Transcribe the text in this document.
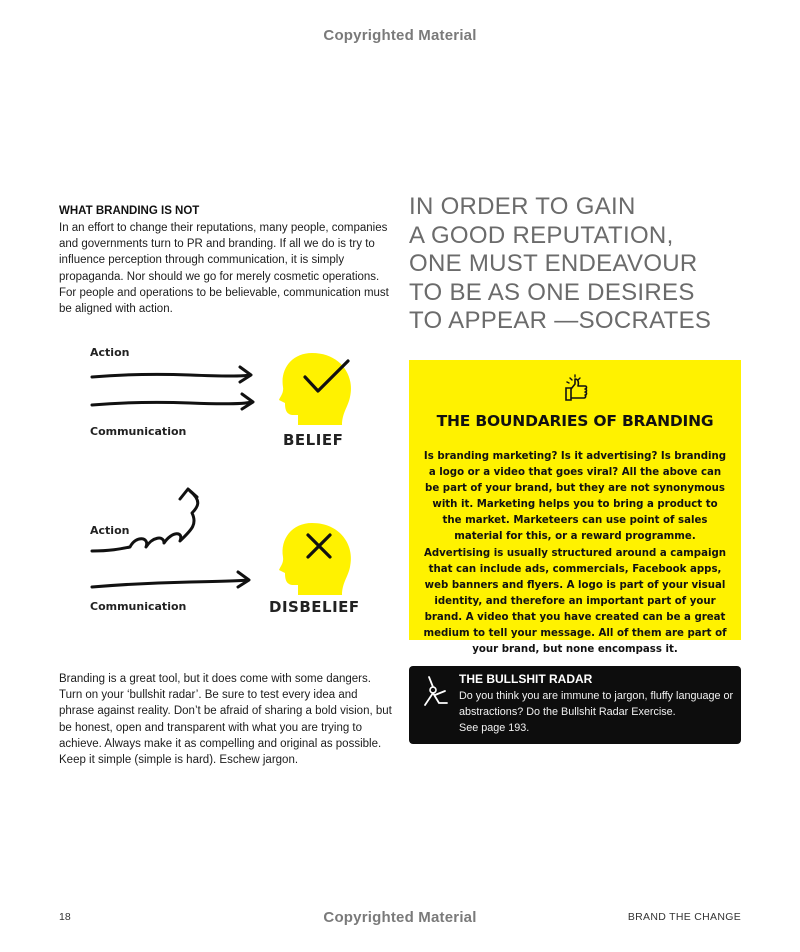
Copyrighted Material
WHAT BRANDING IS NOT
In an effort to change their reputations, many people, companies and governments turn to PR and branding. If all we do is try to influence perception through communication, it is simply propaganda. Nor should we go for merely cosmetic operations. For people and operations to be believable, communication must be aligned with action.
IN ORDER TO GAIN
A GOOD REPUTATION,
ONE MUST ENDEAVOUR
TO BE AS ONE DESIRES
TO APPEAR —SOCRATES
Action
Communication	BELIEF
Action
Communication	DISBELIEF
THE BOUNDARIES OF BRANDING
Is branding marketing? Is it advertising? Is branding a logo or a video that goes viral? All the above can be part of your brand, but they are not synonymous with it. Marketing helps you to bring a product to the market. Marketeers can use point of sales material for this, or a reward programme. Advertising is usually structured around a campaign that can include ads, commercials, Facebook apps, web banners and flyers. A logo is part of your visual identity, and therefore an important part of your brand. A video that you have created can be a great medium to tell your message. All of them are part of your brand, but none encompass it.
Branding is a great tool, but it does come with some dangers. Turn on your ‘bullshit radar’. Be sure to test every idea and phrase against reality. Don’t be afraid of sharing a bold vision, but be honest, open and transparent with what you are trying to achieve. Always make it as compelling and original as possible. Keep it simple (simple is hard). Eschew jargon.
THE BULLSHIT RADAR
Do you think you are immune to jargon, fluffy language or abstractions? Do the Bullshit Radar Exercise.
See page 193.
18	Copyrighted Material	BRAND THE CHANGE
